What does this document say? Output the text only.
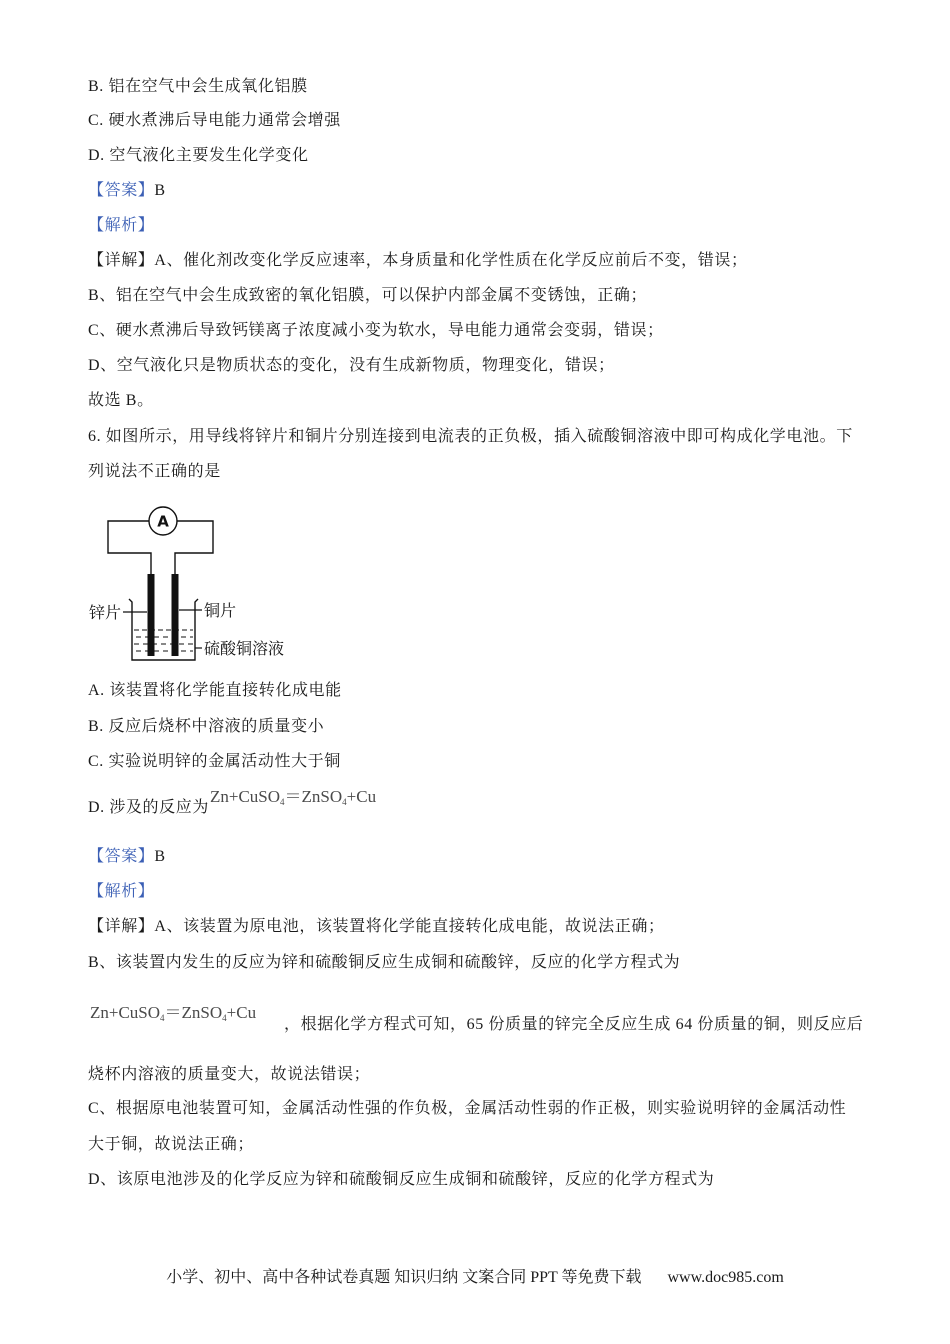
B. 铝在空气中会生成氧化铝膜
C. 硬水煮沸后导电能力通常会增强
D. 空气液化主要发生化学变化
【答案】B
【解析】
【详解】A、催化剂改变化学反应速率，本身质量和化学性质在化学反应前后不变，错误；
B、铝在空气中会生成致密的氧化铝膜，可以保护内部金属不变锈蚀，正确；
C、硬水煮沸后导致钙镁离子浓度减小变为软水，导电能力通常会变弱，错误；
D、空气液化只是物质状态的变化，没有生成新物质，物理变化，错误；
故选 B。
6. 如图所示，用导线将锌片和铜片分别连接到电流表的正负极，插入硫酸铜溶液中即可构成化学电池。下
列说法不正确的是
A
锌片	铜片
硫酸铜溶液
A. 该装置将化学能直接转化成电能
B. 反应后烧杯中溶液的质量变小
C. 实验说明锌的金属活动性大于铜
D. 涉及的反应为
Zn+CuSO$_4$＝ZnSO$_4$+Cu
【答案】B
【解析】
【详解】A、该装置为原电池，该装置将化学能直接转化成电能，故说法正确；
B、该装置内发生的反应为锌和硫酸铜反应生成铜和硫酸锌，反应的化学方程式为
Zn+CuSO$_4$＝ZnSO$_4$+Cu
，根据化学方程式可知，65 份质量的锌完全反应生成 64 份质量的铜，则反应后
烧杯内溶液的质量变大，故说法错误；
C、根据原电池装置可知，金属活动性强的作负极，金属活动性弱的作正极，则实验说明锌的金属活动性
大于铜，故说法正确；
D、该原电池涉及的化学反应为锌和硫酸铜反应生成铜和硫酸锌，反应的化学方程式为
小学、初中、高中各种试卷真题 知识归纳 文案合同 PPT 等免费下载 www.doc985.com
